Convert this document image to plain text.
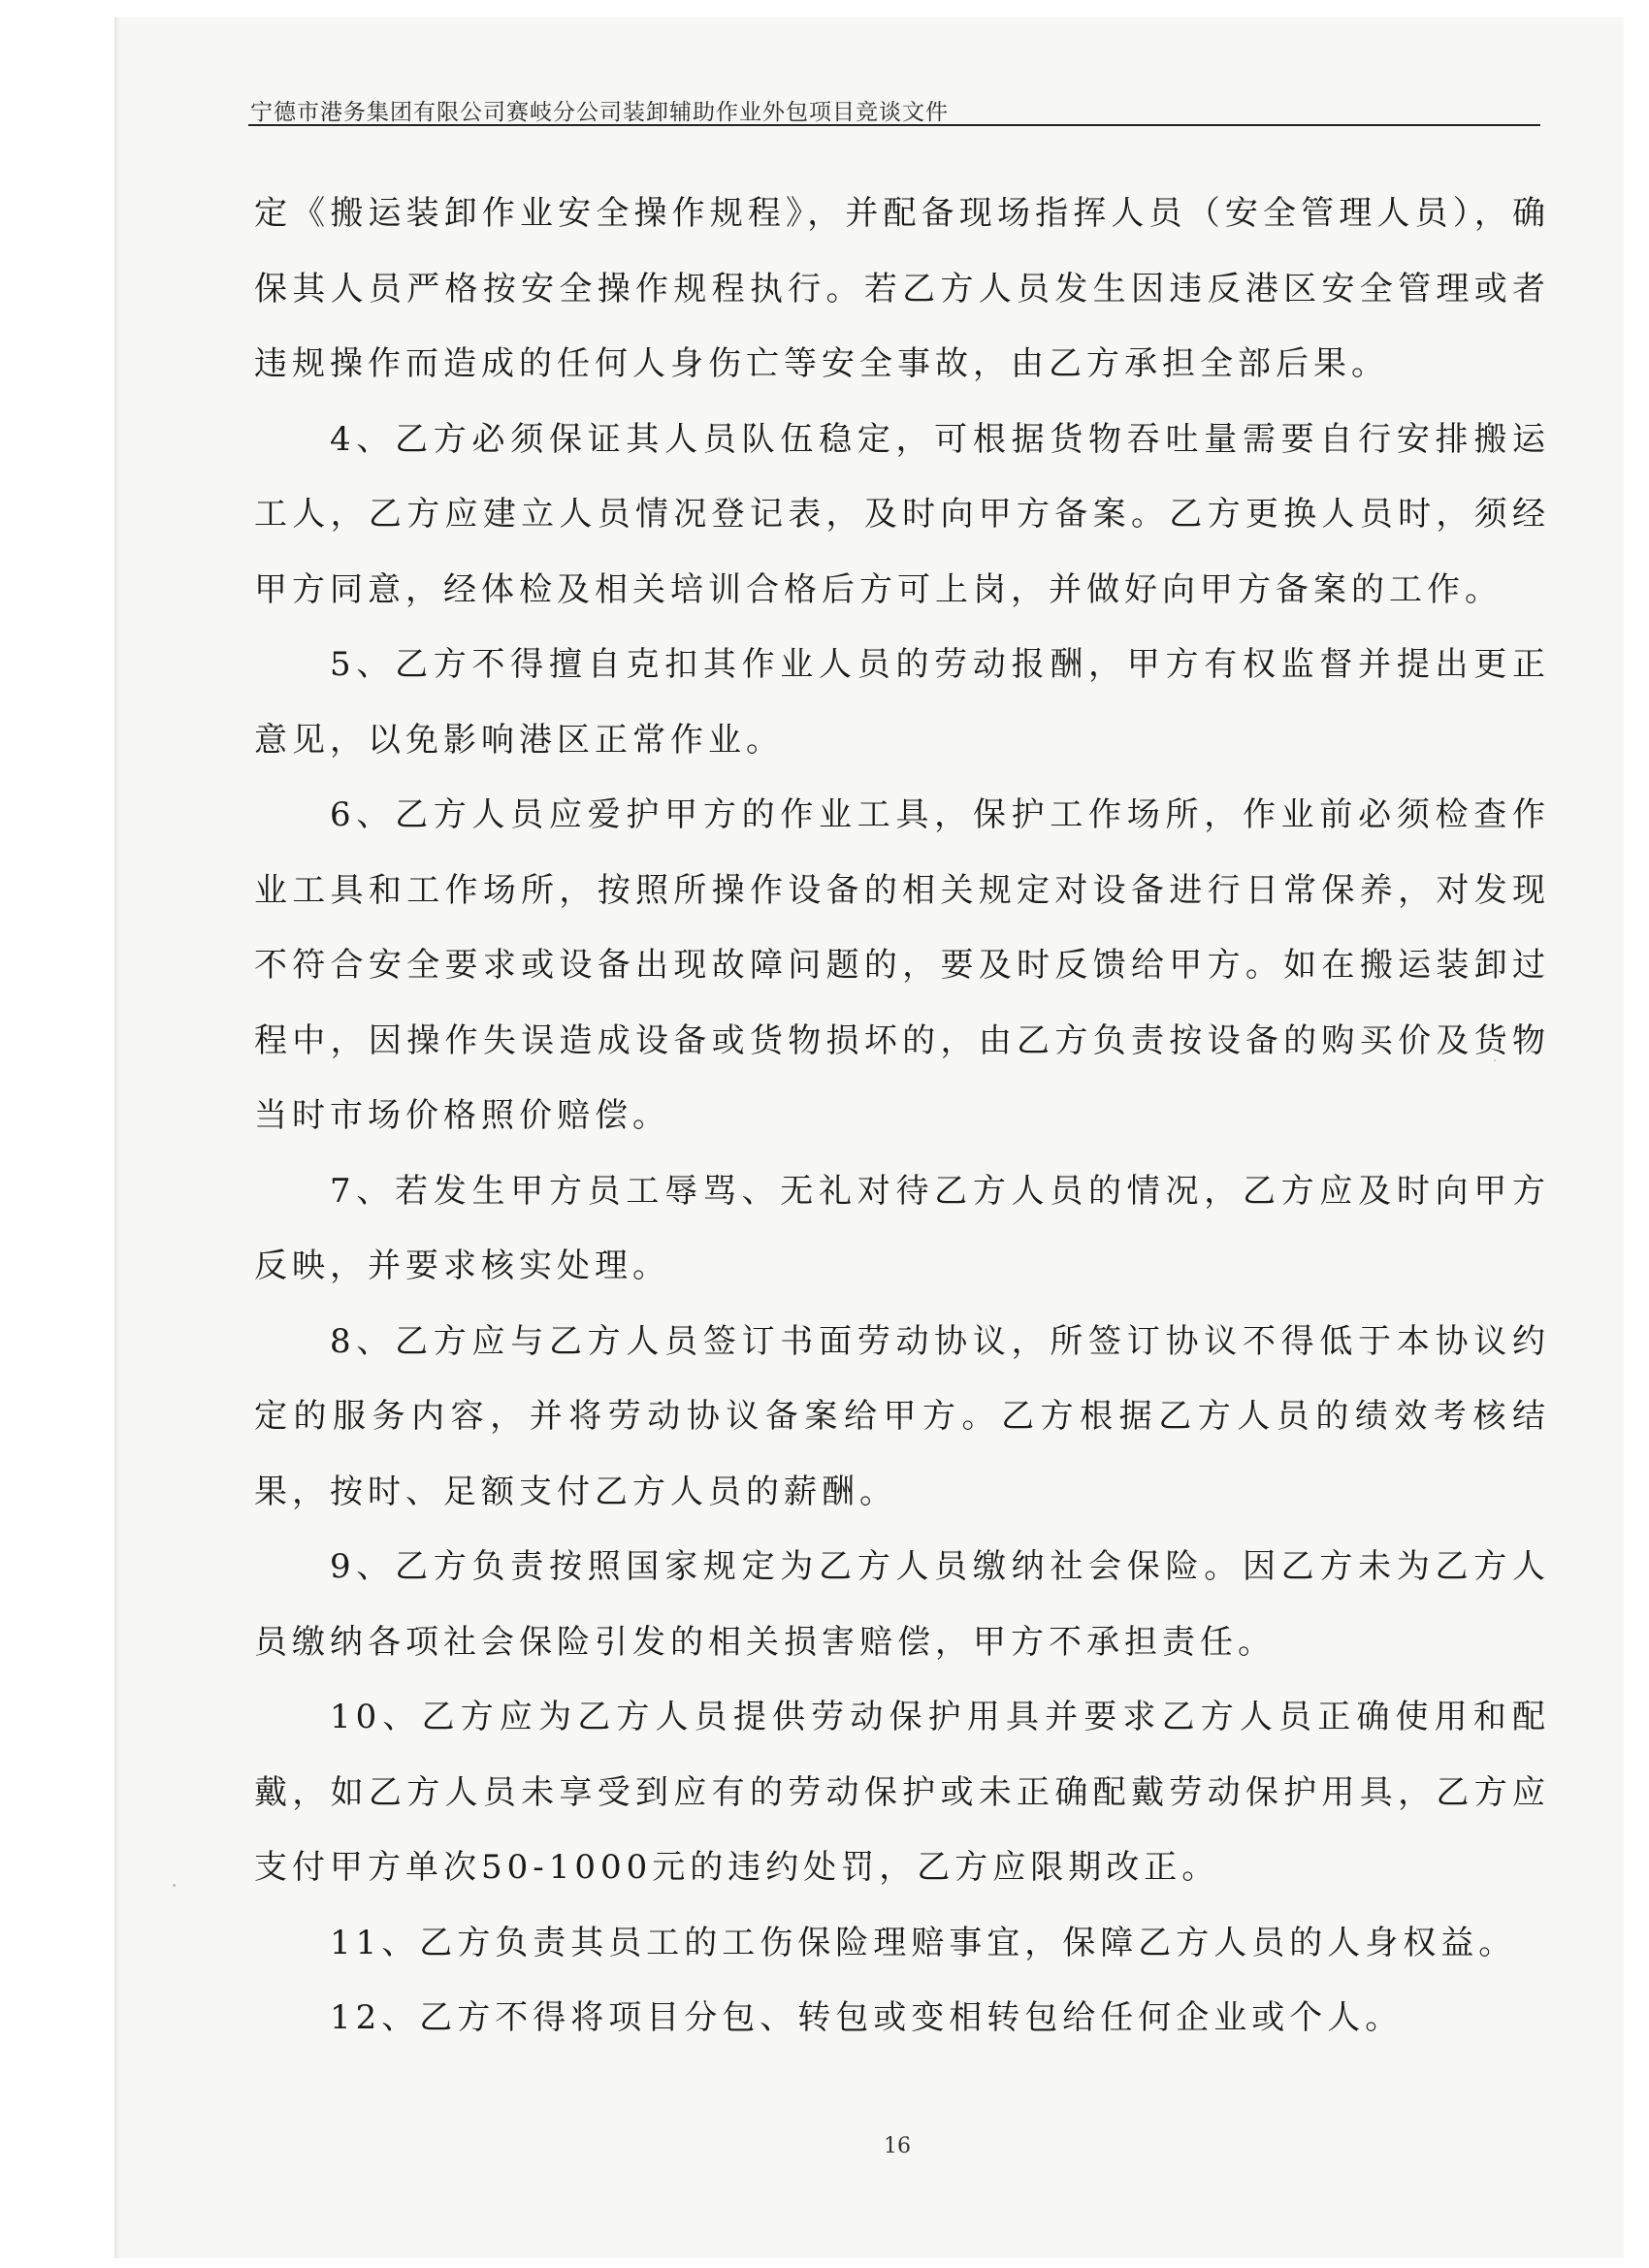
宁德市港务集团有限公司赛岐分公司装卸辅助作业外包项目竞谈文件

定《搬运装卸作业安全操作规程》，并配备现场指挥人员（安全管理人员），确保其人员严格按安全操作规程执行。若乙方人员发生因违反港区安全管理或者违规操作而造成的任何人身伤亡等安全事故，由乙方承担全部后果。

4、乙方必须保证其人员队伍稳定，可根据货物吞吐量需要自行安排搬运工人，乙方应建立人员情况登记表，及时向甲方备案。乙方更换人员时，须经甲方同意，经体检及相关培训合格后方可上岗，并做好向甲方备案的工作。

5、乙方不得擅自克扣其作业人员的劳动报酬，甲方有权监督并提出更正意见，以免影响港区正常作业。

6、乙方人员应爱护甲方的作业工具，保护工作场所，作业前必须检查作业工具和工作场所，按照所操作设备的相关规定对设备进行日常保养，对发现不符合安全要求或设备出现故障问题的，要及时反馈给甲方。如在搬运装卸过程中，因操作失误造成设备或货物损坏的，由乙方负责按设备的购买价及货物当时市场价格照价赔偿。

7、若发生甲方员工辱骂、无礼对待乙方人员的情况，乙方应及时向甲方反映，并要求核实处理。

8、乙方应与乙方人员签订书面劳动协议，所签订协议不得低于本协议约定的服务内容，并将劳动协议备案给甲方。乙方根据乙方人员的绩效考核结果，按时、足额支付乙方人员的薪酬。

9、乙方负责按照国家规定为乙方人员缴纳社会保险。因乙方未为乙方人员缴纳各项社会保险引发的相关损害赔偿，甲方不承担责任。

10、乙方应为乙方人员提供劳动保护用具并要求乙方人员正确使用和配戴，如乙方人员未享受到应有的劳动保护或未正确配戴劳动保护用具，乙方应支付甲方单次50-1000元的违约处罚，乙方应限期改正。

11、乙方负责其员工的工伤保险理赔事宜，保障乙方人员的人身权益。

12、乙方不得将项目分包、转包或变相转包给任何企业或个人。

16
